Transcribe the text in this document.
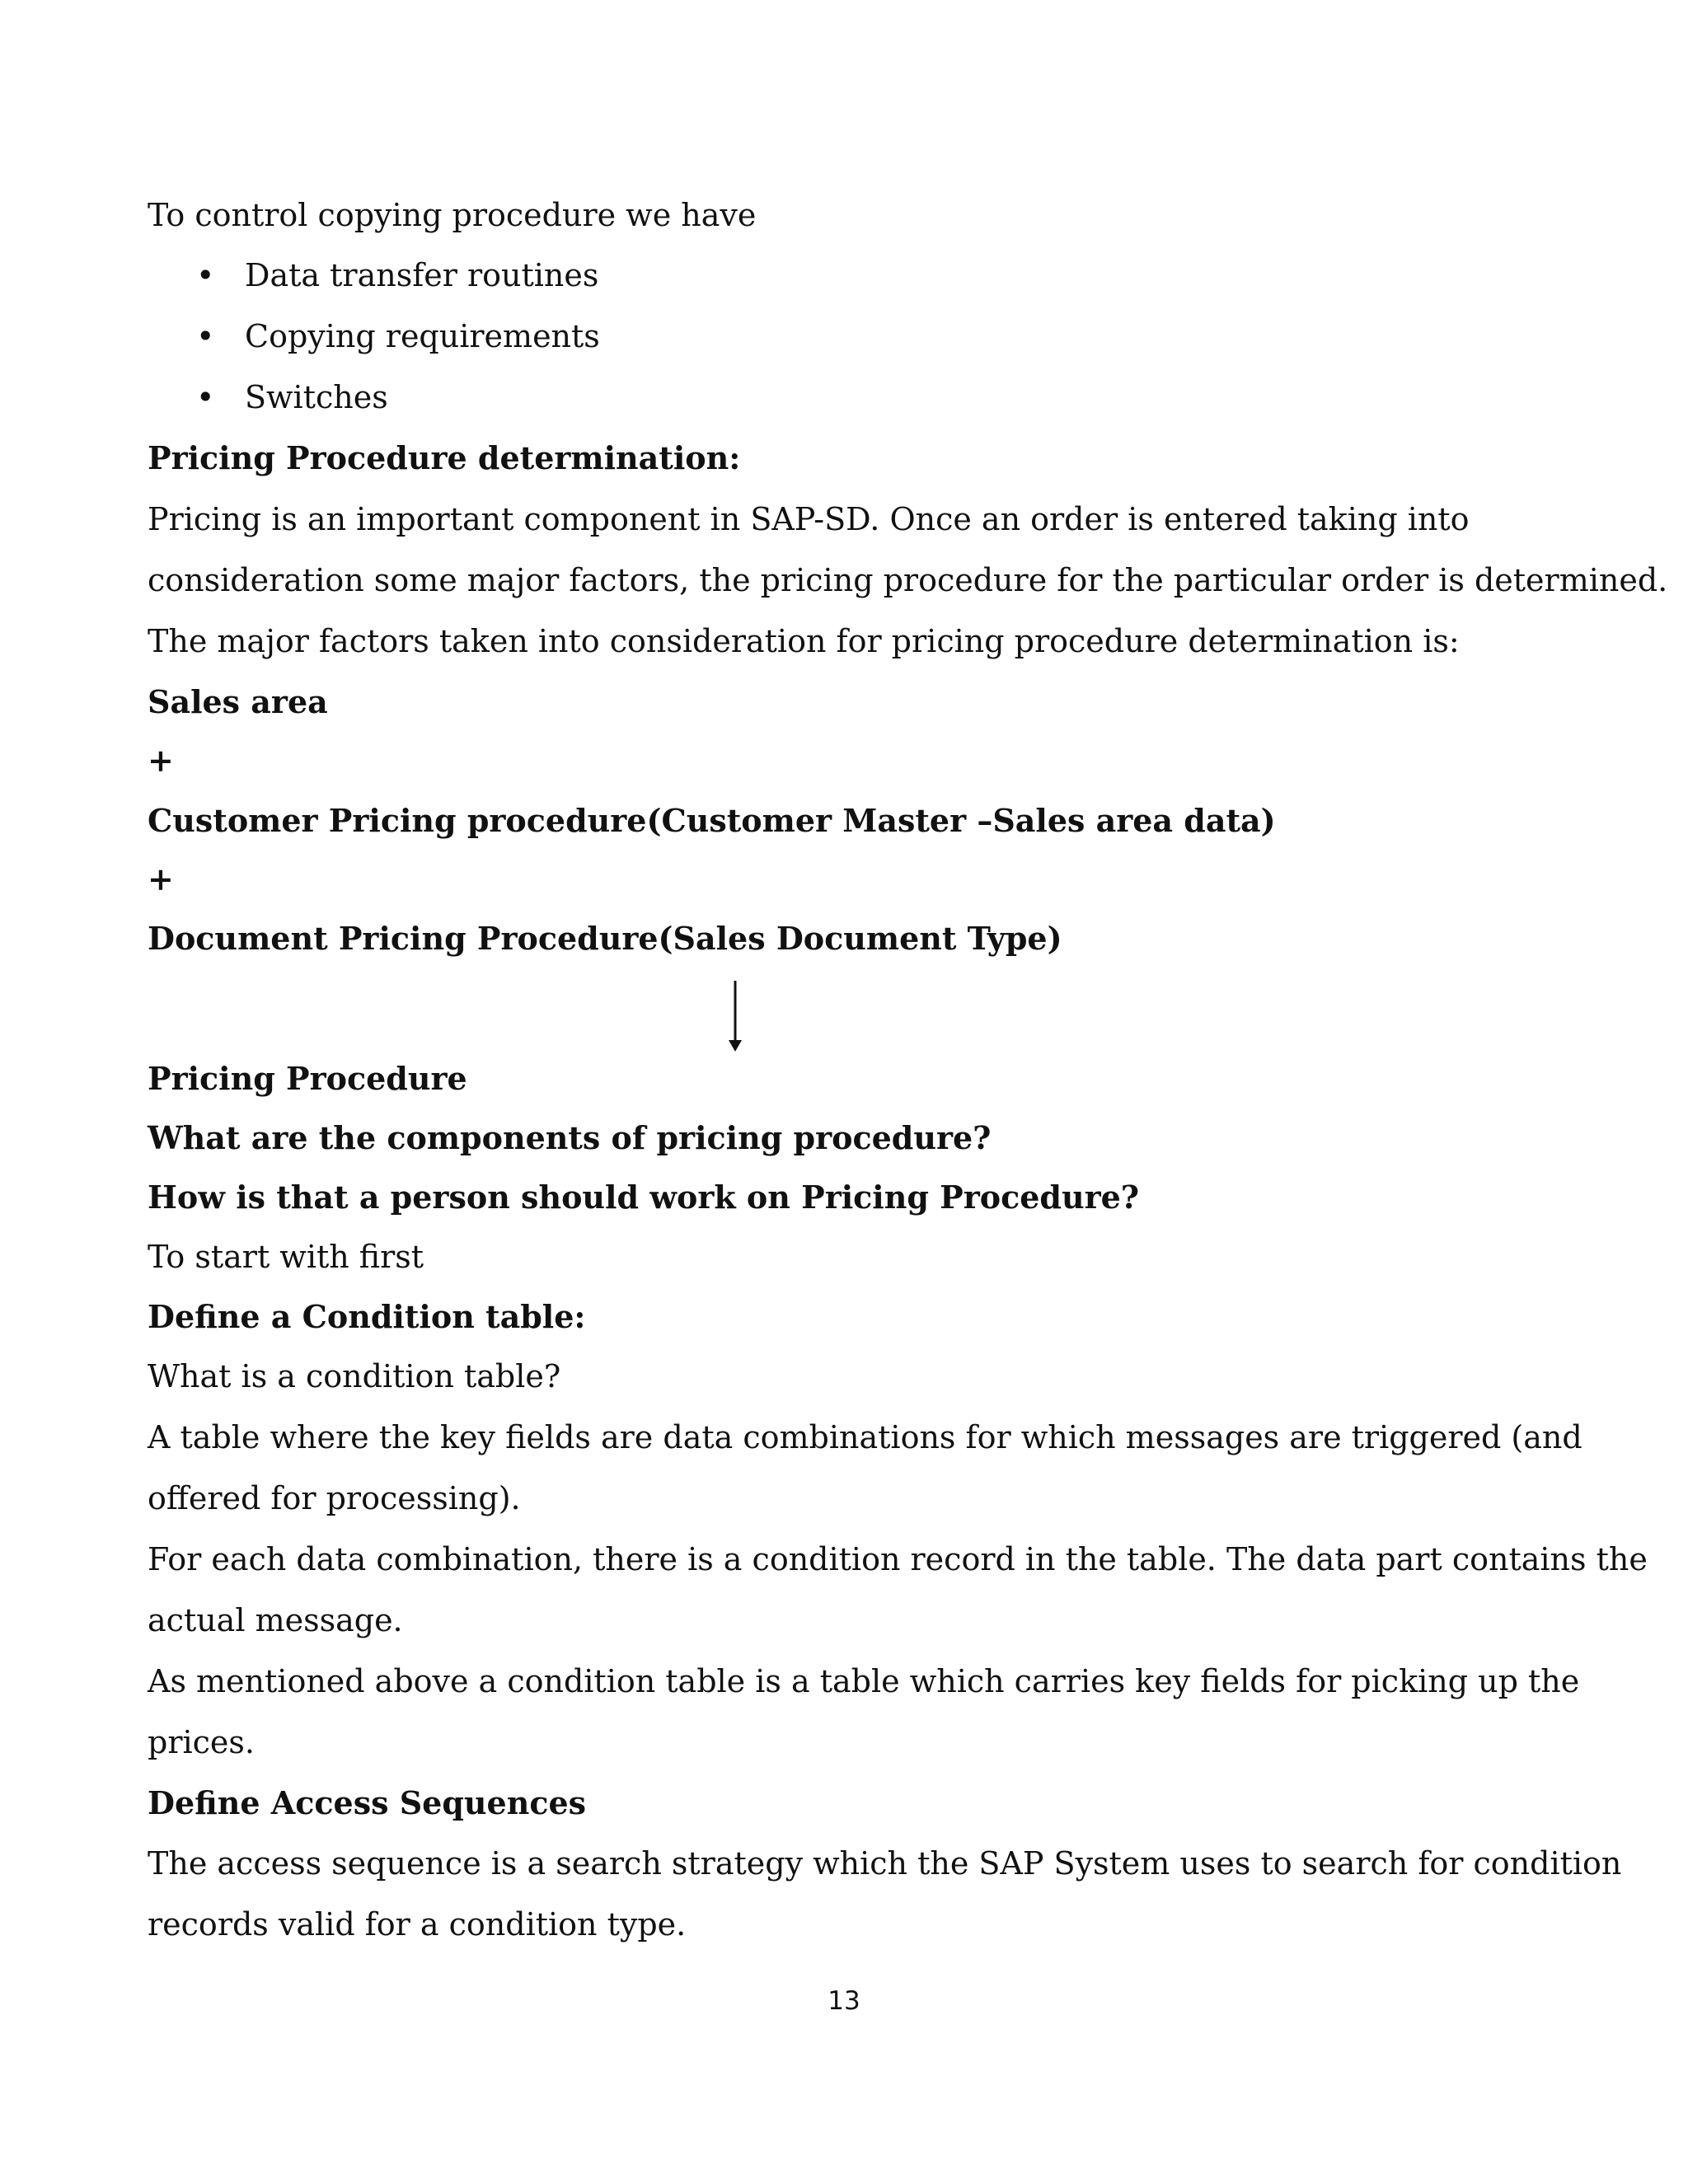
To control copying procedure we have

• Data transfer routines
• Copying requirements
• Switches

Pricing Procedure determination:

Pricing is an important component in SAP-SD. Once an order is entered taking into

consideration some major factors, the pricing procedure for the particular order is determined.

The major factors taken into consideration for pricing procedure determination is:

Sales area

+

Customer Pricing procedure(Customer Master –Sales area data)

+

Document Pricing Procedure(Sales Document Type)

Pricing Procedure

What are the components of pricing procedure?

How is that a person should work on Pricing Procedure?

To start with first

Define a Condition table:

What is a condition table?

A table where the key fields are data combinations for which messages are triggered (and

offered for processing).

For each data combination, there is a condition record in the table. The data part contains the

actual message.

As mentioned above a condition table is a table which carries key fields for picking up the

prices.

Define Access Sequences

The access sequence is a search strategy which the SAP System uses to search for condition

records valid for a condition type.

13
